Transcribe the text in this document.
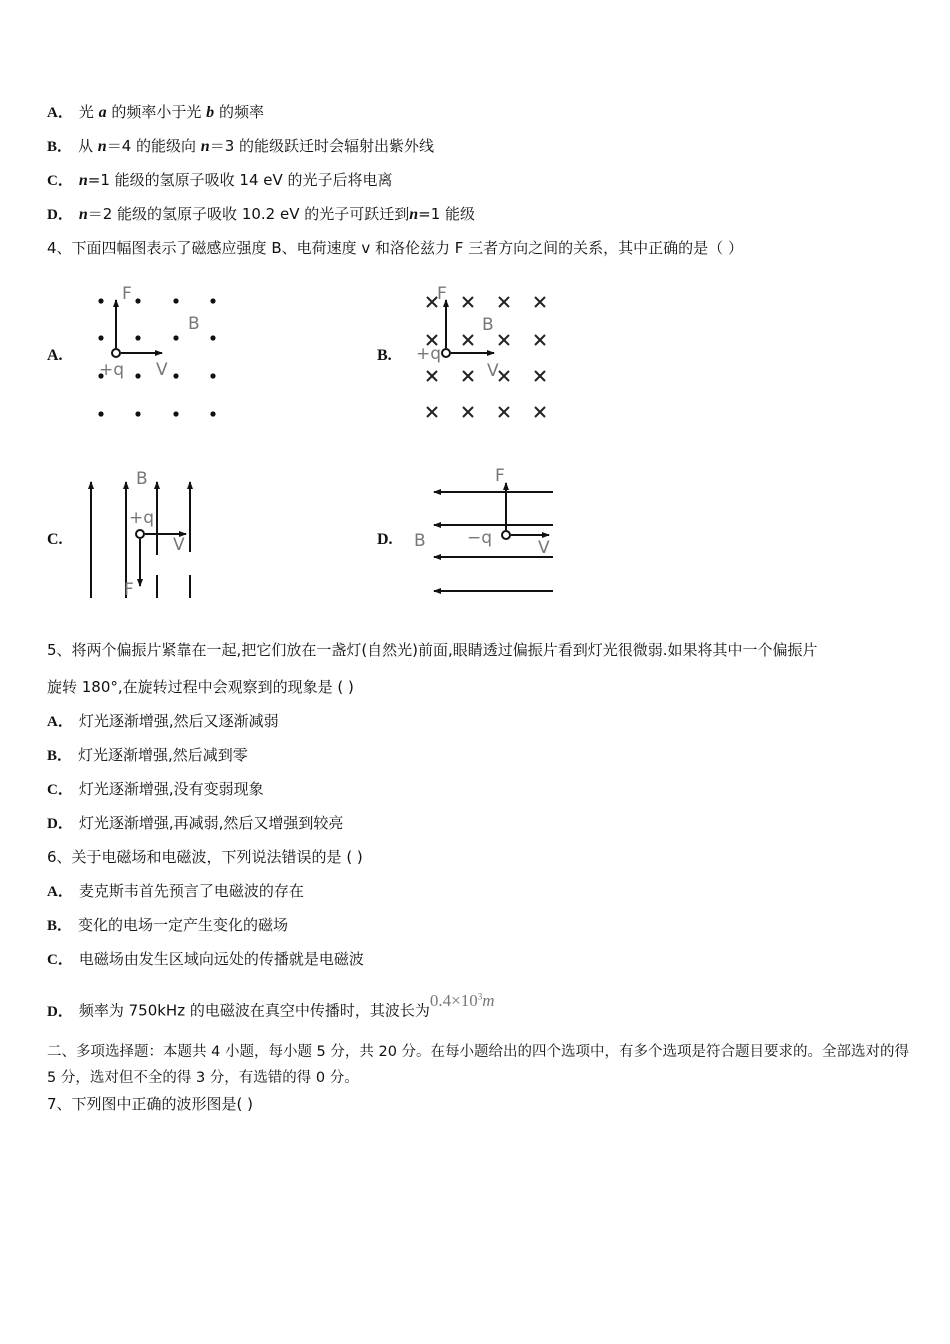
A． 光 a 的频率小于光 b 的频率
B． 从 n＝4 的能级向 n＝3 的能级跃迁时会辐射出紫外线
C． n=1 能级的氢原子吸收 14 eV 的光子后将电离
D． n＝2 能级的氢原子吸收 10.2 eV 的光子可跃迁到n=1 能级
4、下面四幅图表示了磁感应强度 B、电荷速度 v 和洛伦兹力 F 三者方向之间的关系，其中正确的是（ ）
A.	B.
C.	D.
F
B
+q V
F
B
+q
V
B
+q
V
F
F
B −q	V
5、将两个偏振片紧靠在一起,把它们放在一盏灯(自然光)前面,眼睛透过偏振片看到灯光很微弱.如果将其中一个偏振片
旋转 180°,在旋转过程中会观察到的现象是 ( )
A． 灯光逐渐增强,然后又逐渐减弱
B． 灯光逐渐增强,然后减到零
C． 灯光逐渐增强,没有变弱现象
D． 灯光逐渐增强,再减弱,然后又增强到较亮
6、关于电磁场和电磁波，下列说法错误的是 ( )
A． 麦克斯韦首先预言了电磁波的存在
B． 变化的电场一定产生变化的磁场
C． 电磁场由发生区域向远处的传播就是电磁波
D． 频率为 750kHz 的电磁波在真空中传播时，其波长为$0.4\times 10^3m$
二、多项选择题：本题共 4 小题，每小题 5 分，共 20 分。在每小题给出的四个选项中，有多个选项是符合题目要求的。全部选对的得 5 分，选对但不全的得 3 分，有选错的得 0 分。
7、下列图中正确的波形图是( )
